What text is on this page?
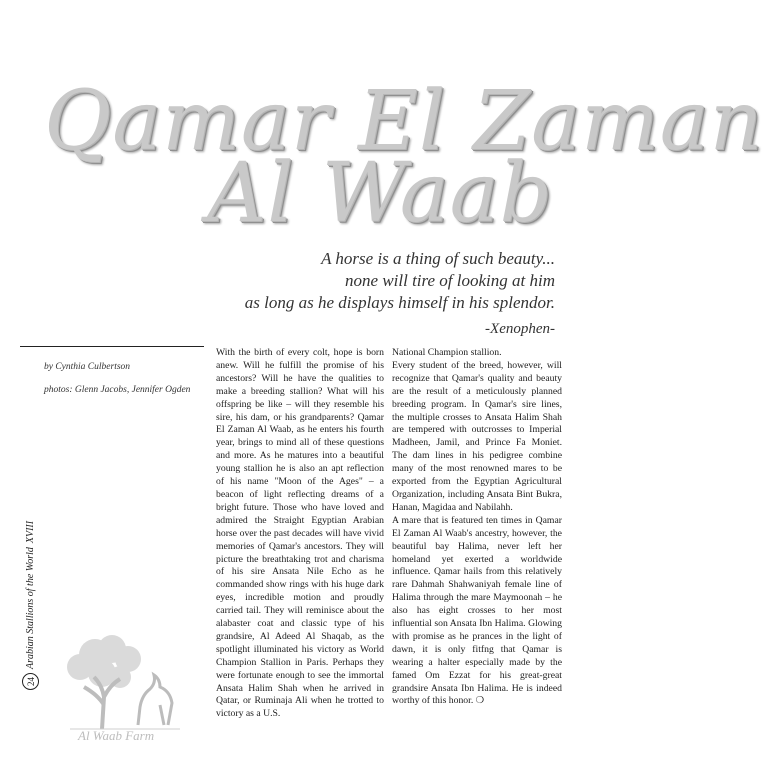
Qamar El Zaman
Al Waab
A horse is a thing of such beauty...
none will tire of looking at him
as long as he displays himself in his splendor.
-Xenophen-
by Cynthia Culbertson
photos: Glenn Jacobs, Jennifer Ogden
24
Arabian Stallions of the World
XVIII

With the birth of every colt, hope is born anew. Will he fulfill the promise of his ancestors? Will he have the qualities to make a breeding stallion? What will his offspring be like – will they resemble his sire, his dam, or his grandparents? Qamar El Zaman Al Waab, as he enters his fourth year, brings to mind all of these questions and more. As he matures into a beautiful young stallion he is also an apt reflection of his name "Moon of the Ages" – a beacon of light reflecting dreams of a bright future. Those who have loved and admired the Straight Egyptian Arabian horse over the past decades will have vivid memories of Qamar's ancestors. They will picture the breathtaking trot and charisma of his sire Ansata Nile Echo as he commanded show rings with his huge dark eyes, incredible motion and proudly carried tail. They will reminisce about the alabaster coat and classic type of his grandsire, Al Adeed Al Shaqab, as the spotlight illuminated his victory as World Champion Stallion in Paris. Perhaps they were fortunate enough to see the immortal Ansata Halim Shah when he arrived in Qatar, or Ruminaja Ali when he trotted to victory as a U.S.

National Champion stallion.

Every student of the breed, however, will recognize that Qamar's quality and beauty are the result of a meticulously planned breeding program. In Qamar's sire lines, the multiple crosses to Ansata Halim Shah are tempered with outcrosses to Imperial Madheen, Jamil, and Prince Fa Moniet. The dam lines in his pedigree combine many of the most renowned mares to be exported from the Egyptian Agricultural Organization, including Ansata Bint Bukra, Hanan, Magidaa and Nabilahh.

A mare that is featured ten times in Qamar El Zaman Al Waab's ancestry, however, the beautiful bay Halima, never left her homeland yet exerted a worldwide influence. Qamar hails from this relatively rare Dahmah Shahwaniyah female line of Halima through the mare Maymoonah – he also has eight crosses to her most influential son Ansata Ibn Halima. Glowing with promise as he prances in the light of dawn, it is only fitfng that Qamar is wearing a halter especially made by the famed Om Ezzat for his great-great grandsire Ansata Ibn Halima. He is indeed worthy of this honor. ❍

Al Waab Farm
